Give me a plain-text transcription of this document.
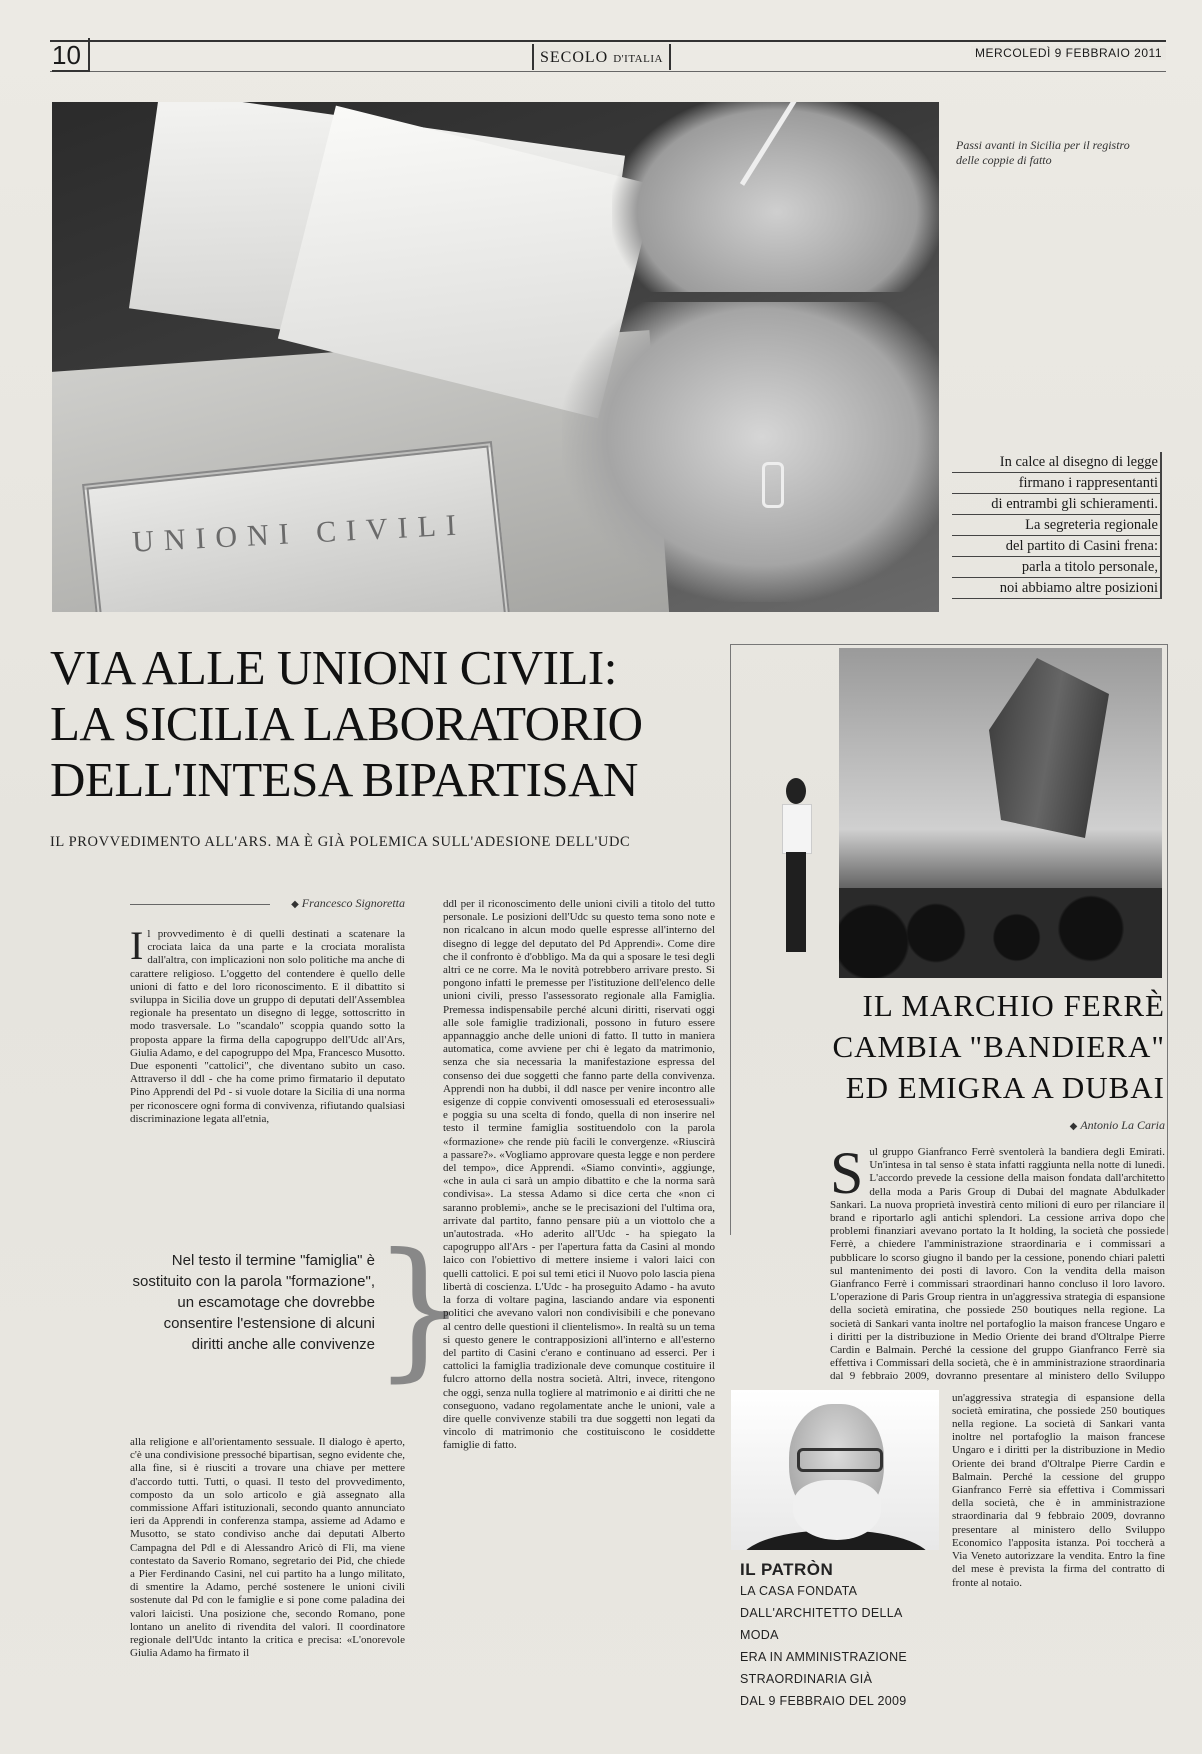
10	SECOLO D'ITALIA	MERCOLEDÌ 9 FEBBRAIO 2011
UNIONI CIVILI
Passi avanti in Sicilia per il registro delle coppie di fatto
In calce al disegno di legge
firmano i rappresentanti
di entrambi gli schieramenti.
La segreteria regionale
del partito di Casini frena:
parla a titolo personale,
noi abbiamo altre posizioni
VIA ALLE UNIONI CIVILI:
LA SICILIA LABORATORIO
DELL'INTESA BIPARTISAN
IL PROVVEDIMENTO ALL'ARS. MA È GIÀ POLEMICA SULL'ADESIONE DELL'UDC
◆ Francesco Signoretta

Il provvedimento è di quelli destinati a scatenare la crociata laica da una parte e la crociata moralista dall'altra, con implicazioni non solo politiche ma anche di carattere religioso. L'oggetto del contendere è quello delle unioni di fatto e del loro riconoscimento. E il dibattito si sviluppa in Sicilia dove un gruppo di deputati dell'Assemblea regionale ha presentato un disegno di legge, sottoscritto in modo trasversale. Lo "scandalo" scoppia quando sotto la proposta appare la firma della capogruppo dell'Udc all'Ars, Giulia Adamo, e del capogruppo del Mpa, Francesco Musotto. Due esponenti "cattolici", che diventano subito un caso. Attraverso il ddl - che ha come primo firmatario il deputato Pino Apprendi del Pd - si vuole dotare la Sicilia di una norma per riconoscere ogni forma di convivenza, rifiutando qualsiasi discriminazione legata all'etnia,

Nel testo il termine "famiglia" è sostituito con la parola "formazione", un escamotage che dovrebbe consentire l'estensione di alcuni diritti anche alle convivenze
}

alla religione e all'orientamento sessuale. Il dialogo è aperto, c'è una condivisione pressoché bipartisan, segno evidente che, alla fine, si è riusciti a trovare una chiave per mettere d'accordo tutti. Tutti, o quasi. Il testo del provvedimento, composto da un solo articolo e già assegnato alla commissione Affari istituzionali, secondo quanto annunciato ieri da Apprendi in conferenza stampa, assieme ad Adamo e Musotto, se stato condiviso anche dai deputati Alberto Campagna del Pdl e di Alessandro Aricò di Fli, ma viene contestato da Saverio Romano, segretario dei Pid, che chiede a Pier Ferdinando Casini, nel cui partito ha a lungo militato, di smentire la Adamo, perché sostenere le unioni civili sostenute dal Pd con le famiglie e si pone come paladina dei valori laicisti. Una posizione che, secondo Romano, pone lontano un anelito di rivendita del valori. Il coordinatore regionale dell'Udc intanto la critica e precisa: «L'onorevole Giulia Adamo ha firmato il

ddl per il riconoscimento delle unioni civili a titolo del tutto personale. Le posizioni dell'Udc su questo tema sono note e non ricalcano in alcun modo quelle espresse all'interno del disegno di legge del deputato del Pd Apprendi». Come dire che il confronto è d'obbligo. Ma da qui a sposare le tesi degli altri ce ne corre. Ma le novità potrebbero arrivare presto. Si pongono infatti le premesse per l'istituzione dell'elenco delle unioni civili, presso l'assessorato regionale alla Famiglia. Premessa indispensabile perché alcuni diritti, riservati oggi alle sole famiglie tradizionali, possono in futuro essere appannaggio anche delle unioni di fatto. Il tutto in maniera automatica, come avviene per chi è legato da matrimonio, senza che sia necessaria la manifestazione espressa del consenso dei due soggetti che fanno parte della convivenza. Apprendi non ha dubbi, il ddl nasce per venire incontro alle esigenze di coppie conviventi omosessuali ed eterosessuali» e poggia su una scelta di fondo, quella di non inserire nel testo il termine famiglia sostituendolo con la parola «formazione» che rende più facili le convergenze. «Riuscirà a passare?». «Vogliamo approvare questa legge e non perdere del tempo», dice Apprendi. «Siamo convinti», aggiunge, «che in aula ci sarà un ampio dibattito e che la norma sarà condivisa». La stessa Adamo si dice certa che «non ci saranno problemi», anche se le precisazioni del l'ultima ora, arrivate dal partito, fanno pensare più a un viottolo che a un'autostrada. «Ho aderito all'Udc - ha spiegato la capogruppo all'Ars - per l'apertura fatta da Casini al mondo laico con l'obiettivo di mettere insieme i valori laici con quelli cattolici. E poi sul temi etici il Nuovo polo lascia piena libertà di coscienza. L'Udc - ha proseguito Adamo - ha avuto la forza di voltare pagina, lasciando andare via esponenti politici che avevano valori non condivisibili e che ponevano al centro delle questioni il clientelismo». In realtà su un tema si questo genere le contrapposizioni all'interno e all'esterno del partito di Casini c'erano e continuano ad esserci. Per i cattolici la famiglia tradizionale deve comunque costituire il fulcro attorno della nostra società. Altri, invece, ritengono che oggi, senza nulla togliere al matrimonio e ai diritti che ne conseguono, vadano regolamentate anche le unioni, vale a dire quelle convivenze stabili tra due soggetti non legati da vincolo di matrimonio che costituiscono le cosiddette famiglie di fatto.

IL MARCHIO FERRÈ
CAMBIA "BANDIERA"
ED EMIGRA A DUBAI
◆ Antonio La Caria

Sul gruppo Gianfranco Ferrè sventolerà la bandiera degli Emirati. Un'intesa in tal senso è stata infatti raggiunta nella notte di lunedì. L'accordo prevede la cessione della maison fondata dall'architetto della moda a Paris Group di Dubai del magnate Abdulkader Sankari. La nuova proprietà investirà cento milioni di euro per rilanciare il brand e riportarlo agli antichi splendori. La cessione arriva dopo che problemi finanziari avevano portato la It holding, la società che possiede Ferrè, a chiedere l'amministrazione straordinaria e i commissari a pubblicare lo scorso giugno il bando per la cessione, ponendo chiari paletti sul mantenimento dei posti di lavoro. Con la vendita della maison Gianfranco Ferrè i commissari straordinari hanno concluso il loro lavoro. L'operazione di Paris Group rientra in un'aggressiva strategia di espansione della società emiratina, che possiede 250 boutiques nella regione. La società di Sankari vanta inoltre nel portafoglio la maison francese Ungaro e i diritti per la distribuzione in Medio Oriente dei brand d'Oltralpe Pierre Cardin e Balmain. Perché la cessione del gruppo Gianfranco Ferrè sia effettiva i Commissari della società, che è in amministrazione straordinaria dal 9 febbraio 2009, dovranno presentare al ministero dello Sviluppo

un'aggressiva strategia di espansione della società emiratina, che possiede 250 boutiques nella regione. La società di Sankari vanta inoltre nel portafoglio la maison francese Ungaro e i diritti per la distribuzione in Medio Oriente dei brand d'Oltralpe Pierre Cardin e Balmain. Perché la cessione del gruppo Gianfranco Ferrè sia effettiva i Commissari della società, che è in amministrazione straordinaria dal 9 febbraio 2009, dovranno presentare al ministero dello Sviluppo Economico l'apposita istanza. Poi toccherà a Via Veneto autorizzare la vendita. Entro la fine del mese è prevista la firma del contratto di fronte al notaio.

IL PATRÒN
LA CASA FONDATA
DALL'ARCHITETTO DELLA MODA
ERA IN AMMINISTRAZIONE
STRAORDINARIA GIÀ
DAL 9 FEBBRAIO DEL 2009
